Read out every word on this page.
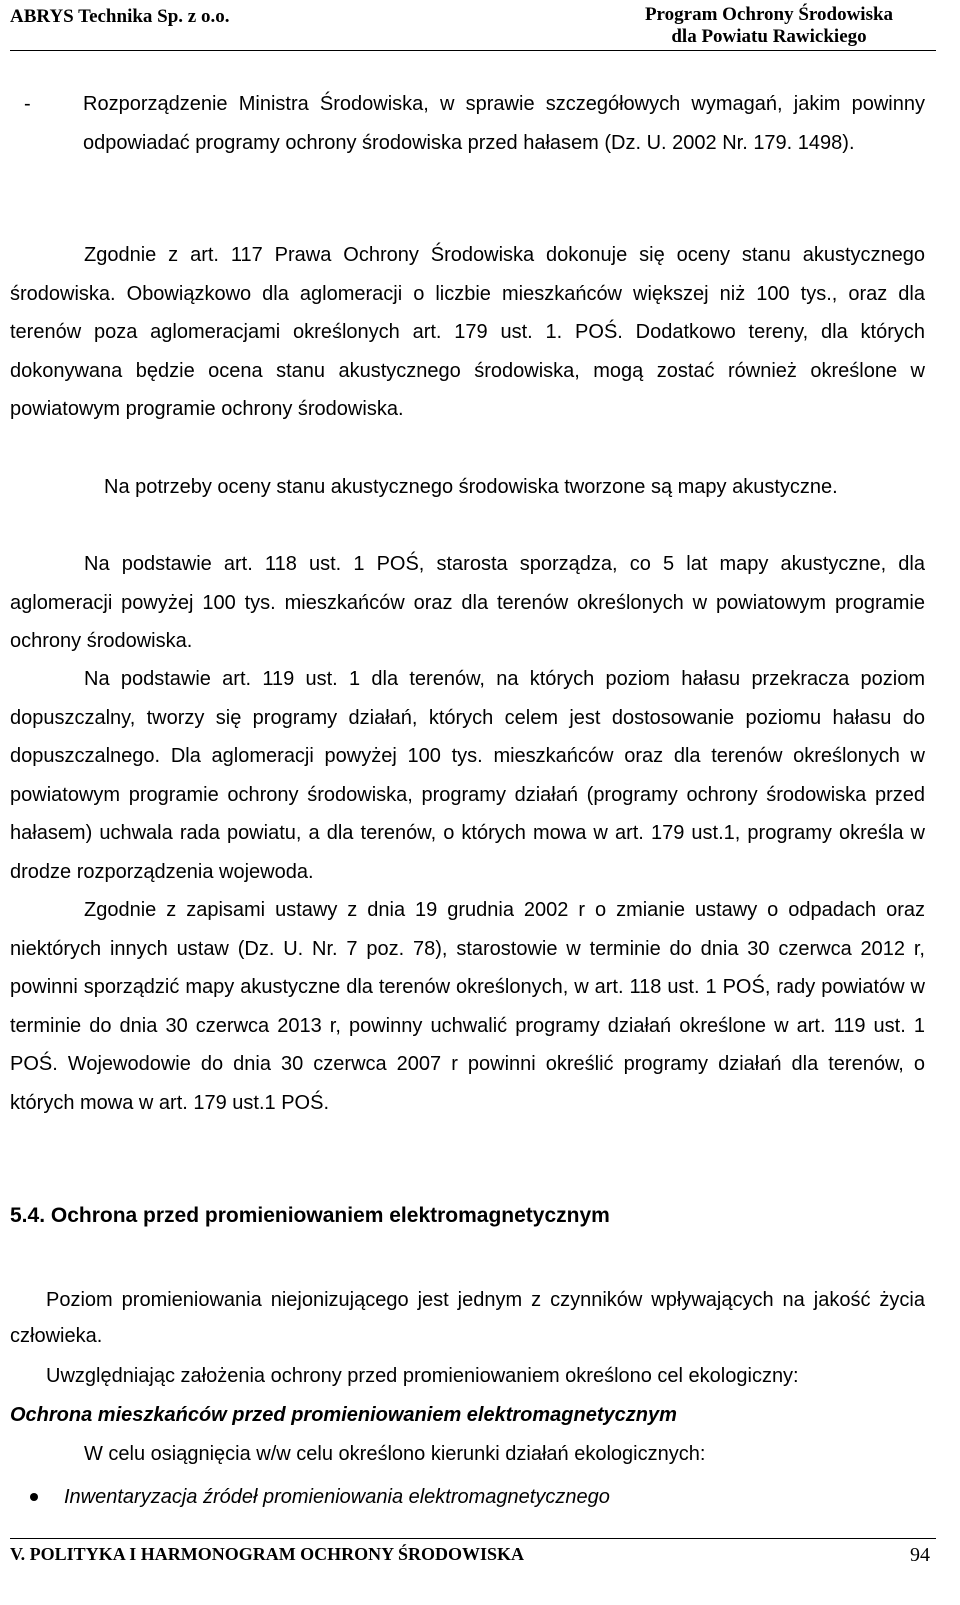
ABRYS Technika Sp. z o.o.	Program Ochrony Środowiska
dla Powiatu Rawickiego
-	Rozporządzenie Ministra Środowiska, w sprawie szczegółowych wymagań, jakim powinny odpowiadać programy ochrony środowiska przed hałasem (Dz. U. 2002 Nr. 179. 1498).
Zgodnie z art. 117 Prawa Ochrony Środowiska dokonuje się oceny stanu akustycznego środowiska. Obowiązkowo dla aglomeracji o liczbie mieszkańców większej niż 100 tys., oraz dla terenów poza aglomeracjami określonych art. 179 ust. 1. POŚ. Dodatkowo tereny, dla których dokonywana będzie ocena stanu akustycznego środowiska, mogą zostać również określone w powiatowym programie ochrony środowiska.
Na potrzeby oceny stanu akustycznego środowiska tworzone są mapy akustyczne.
Na podstawie art. 118 ust. 1 POŚ, starosta sporządza, co 5 lat mapy akustyczne, dla aglomeracji powyżej 100 tys. mieszkańców oraz dla terenów określonych w powiatowym programie ochrony środowiska.
Na podstawie art. 119 ust. 1 dla terenów, na których poziom hałasu przekracza poziom dopuszczalny, tworzy się programy działań, których celem jest dostosowanie poziomu hałasu do dopuszczalnego. Dla aglomeracji powyżej 100 tys. mieszkańców oraz dla terenów określonych w powiatowym programie ochrony środowiska, programy działań (programy ochrony środowiska przed hałasem) uchwala rada powiatu, a dla terenów, o których mowa w art. 179 ust.1, programy określa w drodze rozporządzenia wojewoda.
Zgodnie z zapisami ustawy z dnia 19 grudnia 2002 r o zmianie ustawy o odpadach oraz niektórych innych ustaw (Dz. U. Nr. 7 poz. 78), starostowie w terminie do dnia 30 czerwca 2012 r, powinni sporządzić mapy akustyczne dla terenów określonych, w art. 118 ust. 1 POŚ, rady powiatów w terminie do dnia 30 czerwca 2013 r, powinny uchwalić programy działań określone w art. 119 ust. 1 POŚ. Wojewodowie do dnia 30 czerwca 2007 r powinni określić programy działań dla terenów, o których mowa w art. 179 ust.1 POŚ.
5.4. Ochrona przed promieniowaniem elektromagnetycznym
Poziom promieniowania niejonizującego jest jednym z czynników wpływających na jakość życia człowieka.
Uwzględniając założenia ochrony przed promieniowaniem określono cel ekologiczny:
Ochrona mieszkańców przed promieniowaniem elektromagnetycznym
W celu osiągnięcia w/w celu określono kierunki działań ekologicznych:
Inwentaryzacja źródeł promieniowania elektromagnetycznego
V. POLITYKA I HARMONOGRAM OCHRONY ŚRODOWISKA	94
